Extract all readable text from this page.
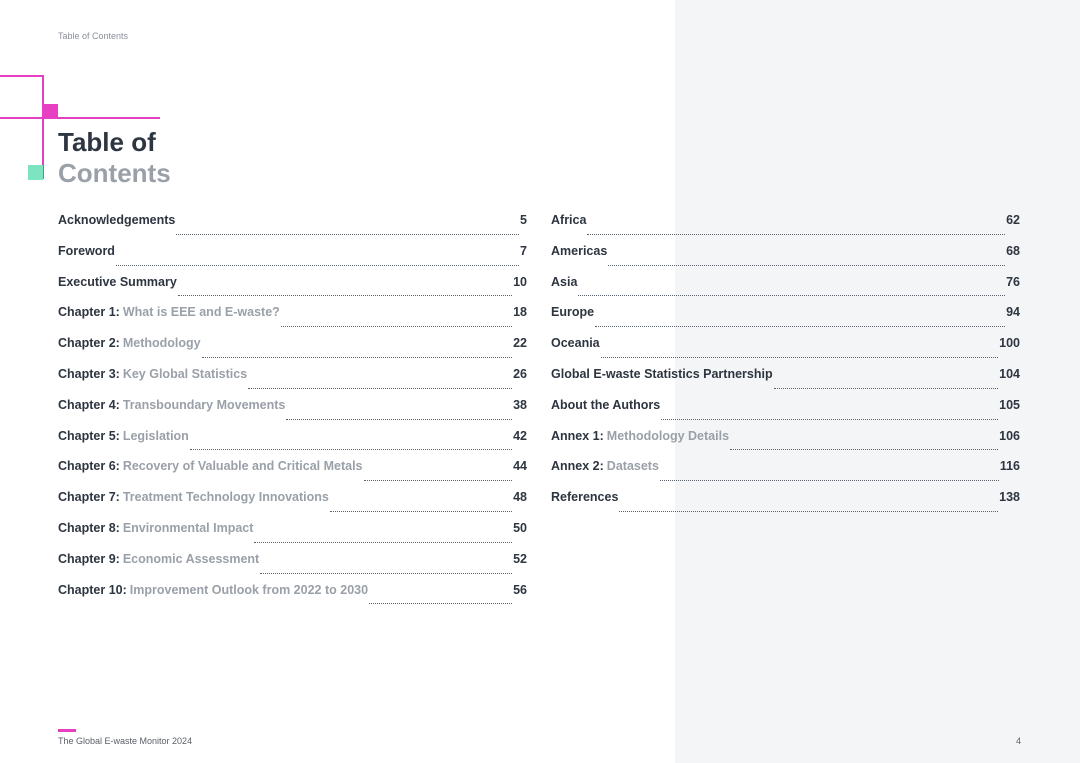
Table of Contents
Table of
Contents
Acknowledgements	5
Foreword	7
Executive Summary	10
Chapter 1: What is EEE and E-waste?	18
Chapter 2: Methodology	22
Chapter 3: Key Global Statistics	26
Chapter 4: Transboundary Movements	38
Chapter 5: Legislation	42
Chapter 6: Recovery of Valuable and Critical Metals	44
Chapter 7: Treatment Technology Innovations	48
Chapter 8: Environmental Impact	50
Chapter 9: Economic Assessment	52
Chapter 10: Improvement Outlook from 2022 to 2030	56
Africa	62
Americas	68
Asia	76
Europe	94
Oceania	100
Global E-waste Statistics Partnership	104
About the Authors	105
Annex 1: Methodology Details	106
Annex 2: Datasets	116
References	138
The Global E-waste Monitor 2024	4
